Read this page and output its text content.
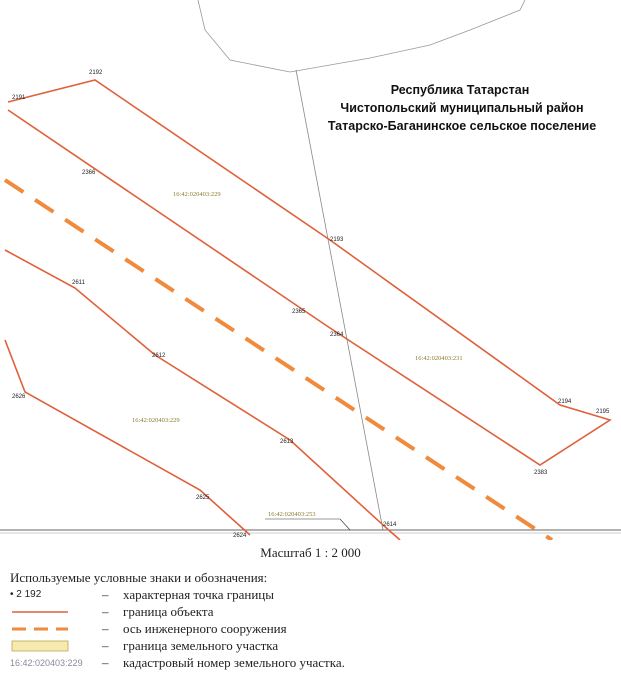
Республика Татарстан
Чистопольский муниципальный район
Татарско-Баганинское сельское поселение
2191
2192
2366
2193
2365
2364
2194
2195
2383
2611
2612
2613
2626
2625
2624
2614
16:42:020403:229
16:42:020403:231
16:42:020403:229
16:42:020403:253
Масштаб 1 : 2 000
Используемые условные знаки и обозначения:
• 2 192	– характерная точка границы
– граница объекта
– ось инженерного сооружения
– граница земельного участка
16:42:020403:229	– кадастровый номер земельного участка.
